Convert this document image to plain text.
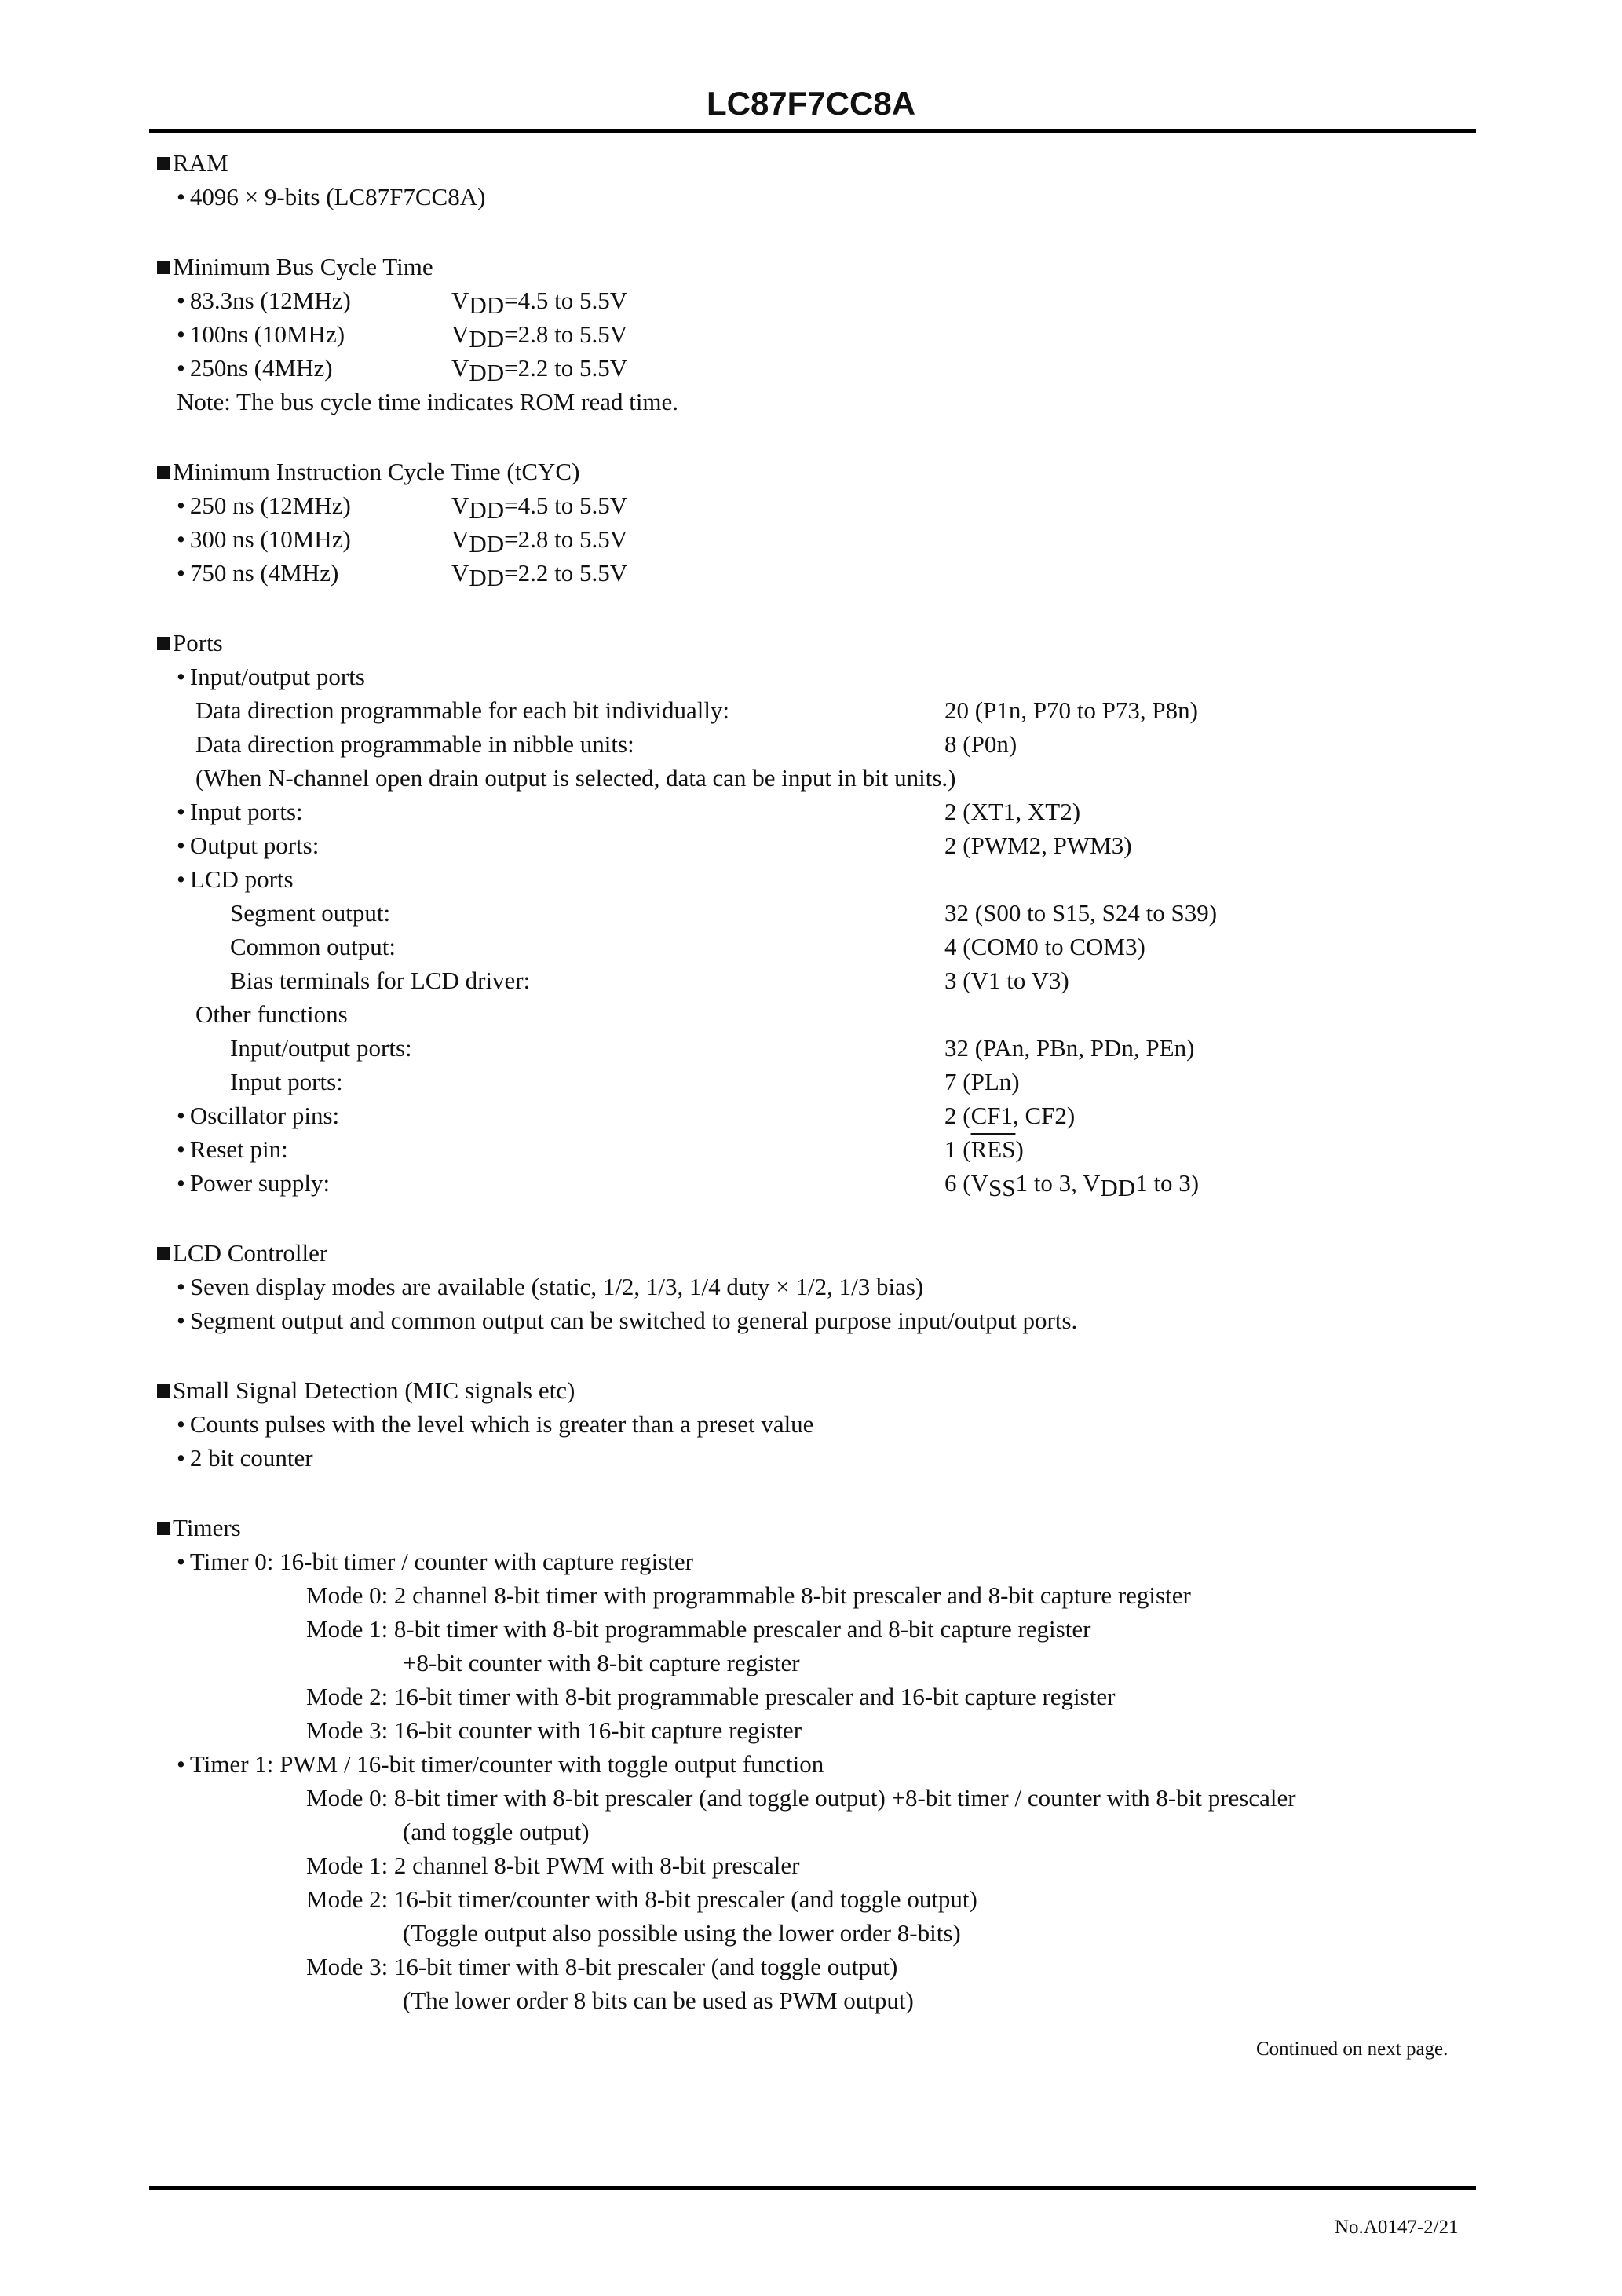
LC87F7CC8A
RAM
• 4096 × 9-bits (LC87F7CC8A)
Minimum Bus Cycle Time
• 83.3ns (12MHz)	VDD=4.5 to 5.5V
• 100ns (10MHz)	VDD=2.8 to 5.5V
• 250ns (4MHz)	VDD=2.2 to 5.5V
Note: The bus cycle time indicates ROM read time.
Minimum Instruction Cycle Time (tCYC)
• 250 ns (12MHz)	VDD=4.5 to 5.5V
• 300 ns (10MHz)	VDD=2.8 to 5.5V
• 750 ns (4MHz)	VDD=2.2 to 5.5V
Ports
• Input/output ports
Data direction programmable for each bit individually:	20 (P1n, P70 to P73, P8n)
Data direction programmable in nibble units:	8 (P0n)
(When N-channel open drain output is selected, data can be input in bit units.)
• Input ports:	2 (XT1, XT2)
• Output ports:	2 (PWM2, PWM3)
• LCD ports
Segment output:	32 (S00 to S15, S24 to S39)
Common output:	4 (COM0 to COM3)
Bias terminals for LCD driver:	3 (V1 to V3)
Other functions
Input/output ports:	32 (PAn, PBn, PDn, PEn)
Input ports:	7 (PLn)
• Oscillator pins:	2 (CF1, CF2)
• Reset pin:	1 $(\overline{RES})$
• Power supply:	6 (VSS1 to 3, VDD1 to 3)
LCD Controller
• Seven display modes are available (static, 1/2, 1/3, 1/4 duty × 1/2, 1/3 bias)
• Segment output and common output can be switched to general purpose input/output ports.
Small Signal Detection (MIC signals etc)
• Counts pulses with the level which is greater than a preset value
• 2 bit counter
Timers
• Timer 0: 16-bit timer / counter with capture register
Mode 0: 2 channel 8-bit timer with programmable 8-bit prescaler and 8-bit capture register
Mode 1: 8-bit timer with 8-bit programmable prescaler and 8-bit capture register
+8-bit counter with 8-bit capture register
Mode 2: 16-bit timer with 8-bit programmable prescaler and 16-bit capture register
Mode 3: 16-bit counter with 16-bit capture register
• Timer 1: PWM / 16-bit timer/counter with toggle output function
Mode 0: 8-bit timer with 8-bit prescaler (and toggle output) +8-bit timer / counter with 8-bit prescaler
(and toggle output)
Mode 1: 2 channel 8-bit PWM with 8-bit prescaler
Mode 2: 16-bit timer/counter with 8-bit prescaler (and toggle output)
(Toggle output also possible using the lower order 8-bits)
Mode 3: 16-bit timer with 8-bit prescaler (and toggle output)
(The lower order 8 bits can be used as PWM output)
Continued on next page.
No.A0147-2/21
